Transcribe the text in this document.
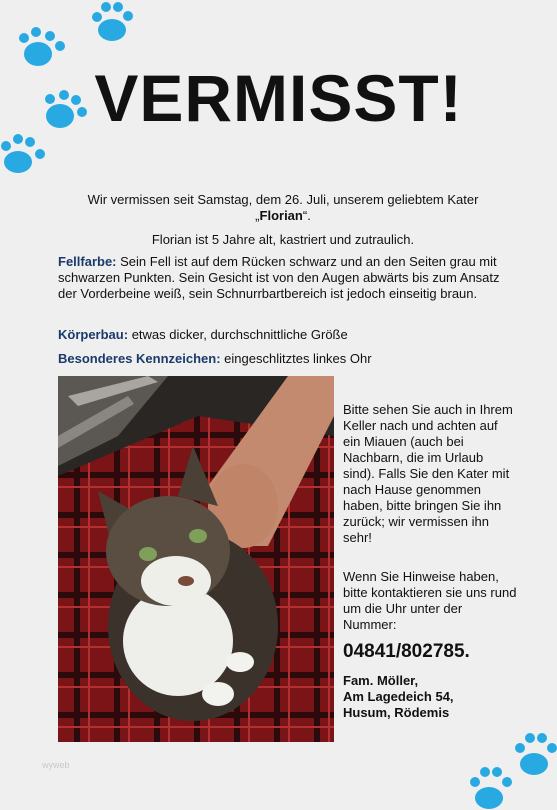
VERMISST!
Wir vermissen seit Samstag, dem 26. Juli, unserem geliebtem Kater
„Florian“.
Florian ist 5 Jahre alt, kastriert und zutraulich.
Fellfarbe: Sein Fell ist auf dem Rücken schwarz und an den Seiten grau mit schwarzen Punkten. Sein Gesicht ist von den Augen abwärts bis zum Ansatz der Vorderbeine weiß, sein Schnurrbartbereich ist jedoch einseitig braun.
Körperbau: etwas dicker, durchschnittliche Größe
Besonderes Kennzeichen: eingeschlitztes linkes Ohr
Bitte sehen Sie auch in Ihrem Keller nach und achten auf ein Miauen (auch bei Nachbarn, die im Urlaub sind). Falls Sie den Kater mit nach Hause genommen haben, bitte bringen Sie ihn zurück; wir vermissen ihn sehr!
Wenn Sie Hinweise haben, bitte kontaktieren sie uns rund um die Uhr unter der Nummer:
04841/802785.
Fam. Möller,
Am Lagedeich 54,
Husum, Rödemis
wyweb
